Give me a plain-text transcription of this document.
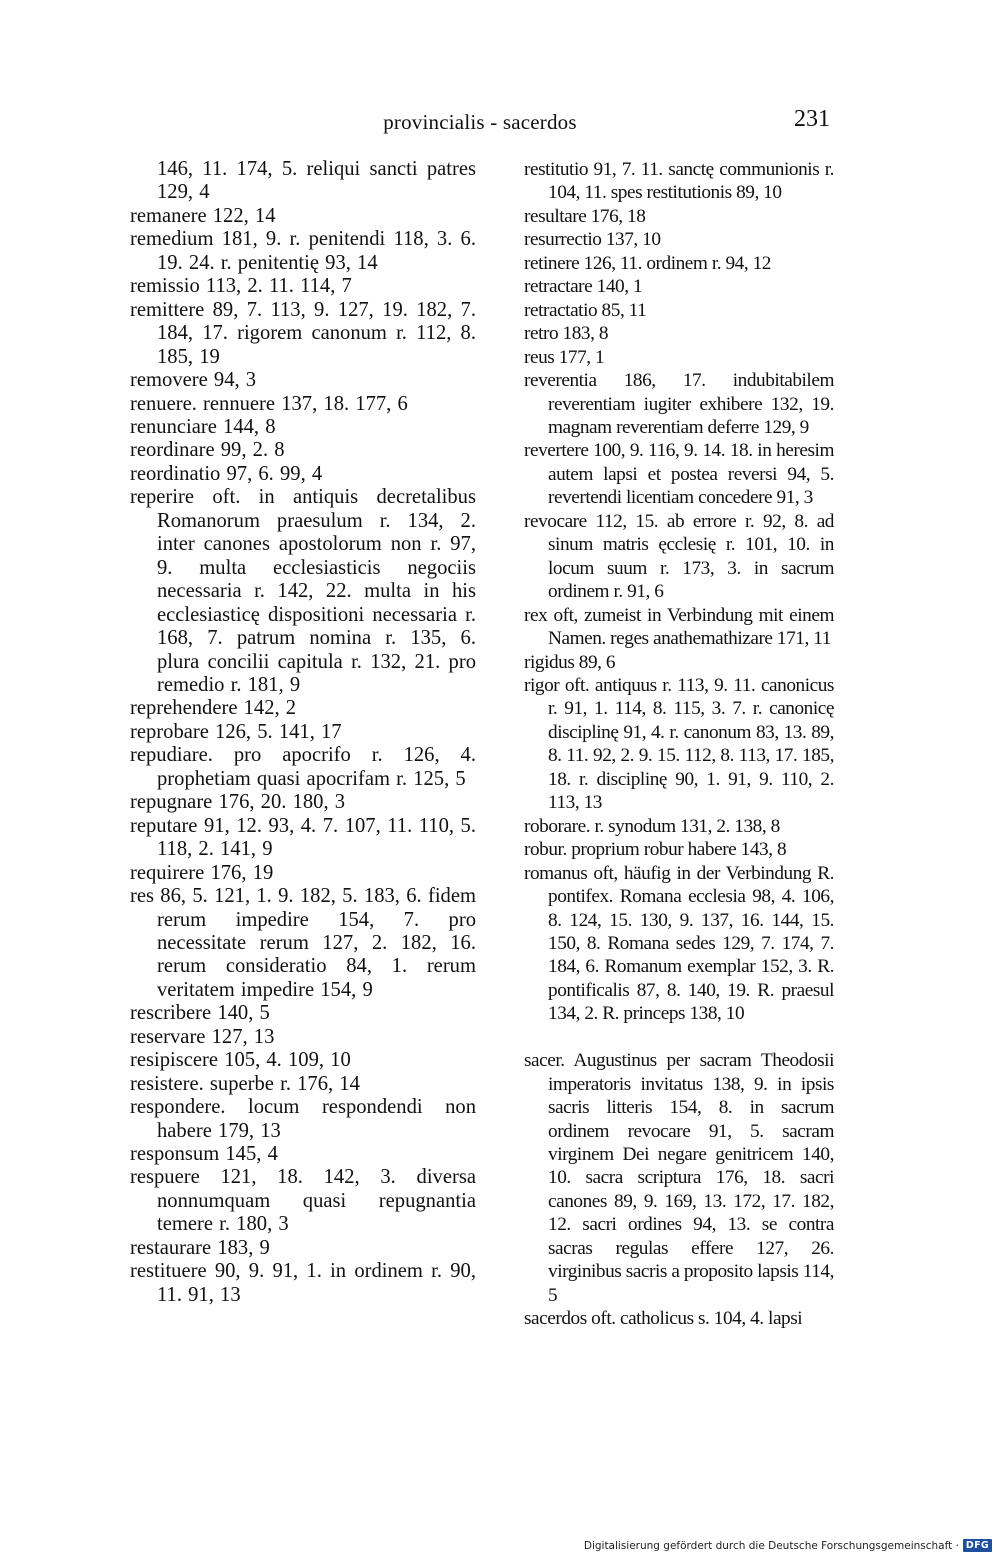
provincialis - sacerdos	231
146, 11. 174, 5. reliqui sancti patres 129, 4
remanere 122, 14
remedium 181, 9. r. penitendi 118, 3. 6. 19. 24. r. penitentię 93, 14
remissio 113, 2. 11. 114, 7
remittere 89, 7. 113, 9. 127, 19. 182, 7. 184, 17. rigorem canonum r. 112, 8. 185, 19
removere 94, 3
renuere. rennuere 137, 18. 177, 6
renunciare 144, 8
reordinare 99, 2. 8
reordinatio 97, 6. 99, 4
reperire oft. in antiquis decretalibus Romanorum praesulum r. 134, 2. inter canones apostolorum non r. 97, 9. multa ecclesiasticis negociis necessaria r. 142, 22. multa in his ecclesiasticę dispositioni necessaria r. 168, 7. patrum nomina r. 135, 6. plura concilii capitula r. 132, 21. pro remedio r. 181, 9
reprehendere 142, 2
reprobare 126, 5. 141, 17
repudiare. pro apocrifo r. 126, 4. prophetiam quasi apocrifam r. 125, 5
repugnare 176, 20. 180, 3
reputare 91, 12. 93, 4. 7. 107, 11. 110, 5. 118, 2. 141, 9
requirere 176, 19
res 86, 5. 121, 1. 9. 182, 5. 183, 6. fidem rerum impedire 154, 7. pro necessitate rerum 127, 2. 182, 16. rerum consideratio 84, 1. rerum veritatem impedire 154, 9
rescribere 140, 5
reservare 127, 13
resipiscere 105, 4. 109, 10
resistere. superbe r. 176, 14
respondere. locum respondendi non habere 179, 13
responsum 145, 4
respuere 121, 18. 142, 3. diversa nonnumquam quasi repugnantia temere r. 180, 3
restaurare 183, 9
restituere 90, 9. 91, 1. in ordinem r. 90, 11. 91, 13
restitutio 91, 7. 11. sanctę communionis r. 104, 11. spes restitutionis 89, 10
resultare 176, 18
resurrectio 137, 10
retinere 126, 11. ordinem r. 94, 12
retractare 140, 1
retractatio 85, 11
retro 183, 8
reus 177, 1
reverentia 186, 17. indubitabilem reverentiam iugiter exhibere 132, 19. magnam reverentiam deferre 129, 9
revertere 100, 9. 116, 9. 14. 18. in heresim autem lapsi et postea reversi 94, 5. revertendi licentiam concedere 91, 3
revocare 112, 15. ab errore r. 92, 8. ad sinum matris ęcclesię r. 101, 10. in locum suum r. 173, 3. in sacrum ordinem r. 91, 6
rex oft, zumeist in Verbindung mit einem Namen. reges anathemathizare 171, 11
rigidus 89, 6
rigor oft. antiquus r. 113, 9. 11. canonicus r. 91, 1. 114, 8. 115, 3. 7. r. canonicę disciplinę 91, 4. r. canonum 83, 13. 89, 8. 11. 92, 2. 9. 15. 112, 8. 113, 17. 185, 18. r. disciplinę 90, 1. 91, 9. 110, 2. 113, 13
roborare. r. synodum 131, 2. 138, 8
robur. proprium robur habere 143, 8
romanus oft, häufig in der Verbindung R. pontifex. Romana ecclesia 98, 4. 106, 8. 124, 15. 130, 9. 137, 16. 144, 15. 150, 8. Romana sedes 129, 7. 174, 7. 184, 6. Romanum exemplar 152, 3. R. pontificalis 87, 8. 140, 19. R. praesul 134, 2. R. princeps 138, 10
sacer. Augustinus per sacram Theodosii imperatoris invitatus 138, 9. in ipsis sacris litteris 154, 8. in sacrum ordinem revocare 91, 5. sacram virginem Dei negare genitricem 140, 10. sacra scriptura 176, 18. sacri canones 89, 9. 169, 13. 172, 17. 182, 12. sacri ordines 94, 13. se contra sacras regulas effere 127, 26. virginibus sacris a proposito lapsis 114, 5
sacerdos oft. catholicus s. 104, 4. lapsi
Digitalisierung gefördert durch die Deutsche Forschungsgemeinschaft · DFG
